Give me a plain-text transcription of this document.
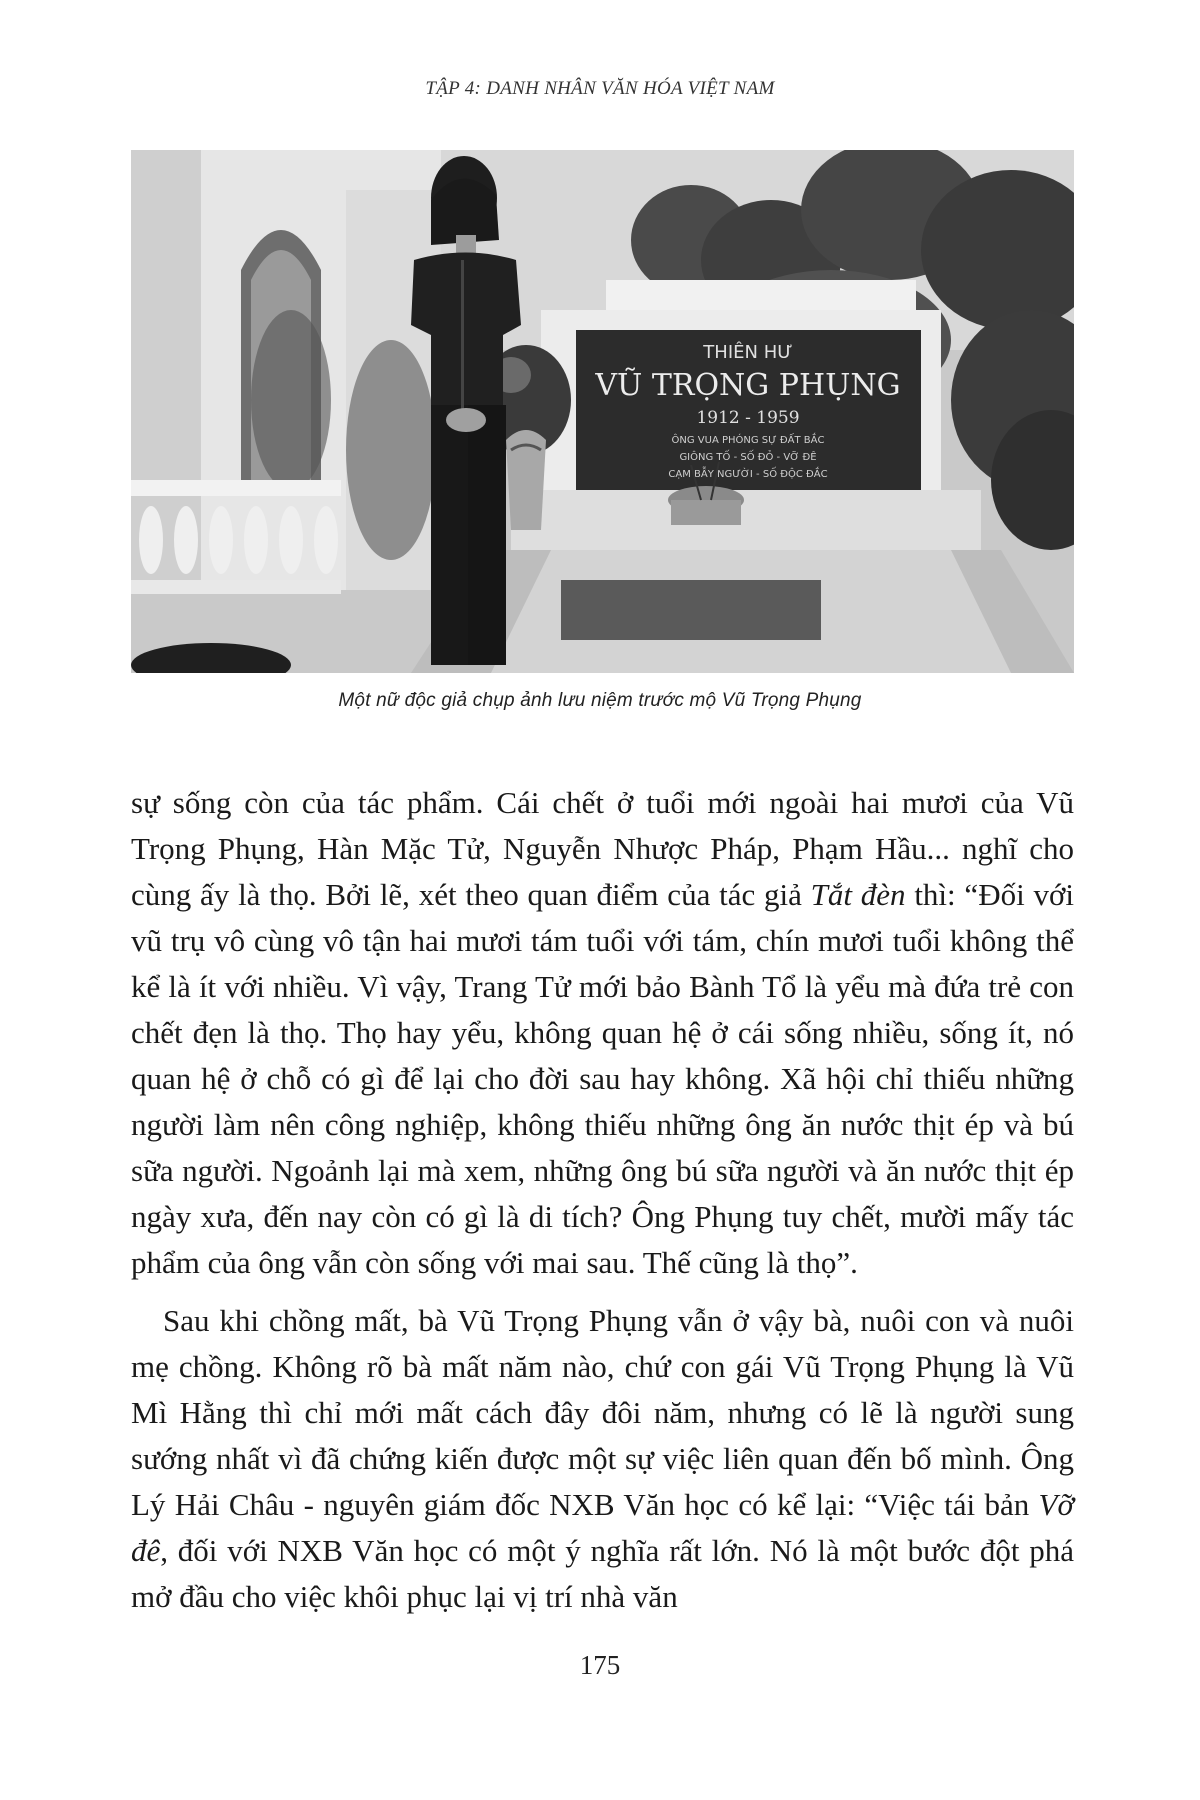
TẬP 4: DANH NHÂN VĂN HÓA VIỆT NAM
THIÊN HƯ
VŨ TRỌNG PHỤNG
1912 - 1959
ÔNG VUA PHÓNG SỰ ĐẤT BẮC
GIÔNG TỐ - SỐ ĐỎ - VỠ ĐÊ
CẠM BẪY NGƯỜI - SỐ ĐỘC ĐẮC
Một nữ độc giả chụp ảnh lưu niệm trước mộ Vũ Trọng Phụng

sự sống còn của tác phẩm. Cái chết ở tuổi mới ngoài hai mươi của Vũ Trọng Phụng, Hàn Mặc Tử, Nguyễn Nhược Pháp, Phạm Hầu... nghĩ cho cùng ấy là thọ. Bởi lẽ, xét theo quan điểm của tác giả Tắt đèn thì: “Đối với vũ trụ vô cùng vô tận hai mươi tám tuổi với tám, chín mươi tuổi không thể kể là ít với nhiều. Vì vậy, Trang Tử mới bảo Bành Tổ là yểu mà đứa trẻ con chết đẹn là thọ. Thọ hay yểu, không quan hệ ở cái sống nhiều, sống ít, nó quan hệ ở chỗ có gì để lại cho đời sau hay không. Xã hội chỉ thiếu những người làm nên công nghiệp, không thiếu những ông ăn nước thịt ép và bú sữa người. Ngoảnh lại mà xem, những ông bú sữa người và ăn nước thịt ép ngày xưa, đến nay còn có gì là di tích? Ông Phụng tuy chết, mười mấy tác phẩm của ông vẫn còn sống với mai sau. Thế cũng là thọ”.

Sau khi chồng mất, bà Vũ Trọng Phụng vẫn ở vậy bà, nuôi con và nuôi mẹ chồng. Không rõ bà mất năm nào, chứ con gái Vũ Trọng Phụng là Vũ Mì Hằng thì chỉ mới mất cách đây đôi năm, nhưng có lẽ là người sung sướng nhất vì đã chứng kiến được một sự việc liên quan đến bố mình. Ông Lý Hải Châu - nguyên giám đốc NXB Văn học có kể lại: “Việc tái bản Vỡ đê, đối với NXB Văn học có một ý nghĩa rất lớn. Nó là một bước đột phá mở đầu cho việc khôi phục lại vị trí nhà văn

175
